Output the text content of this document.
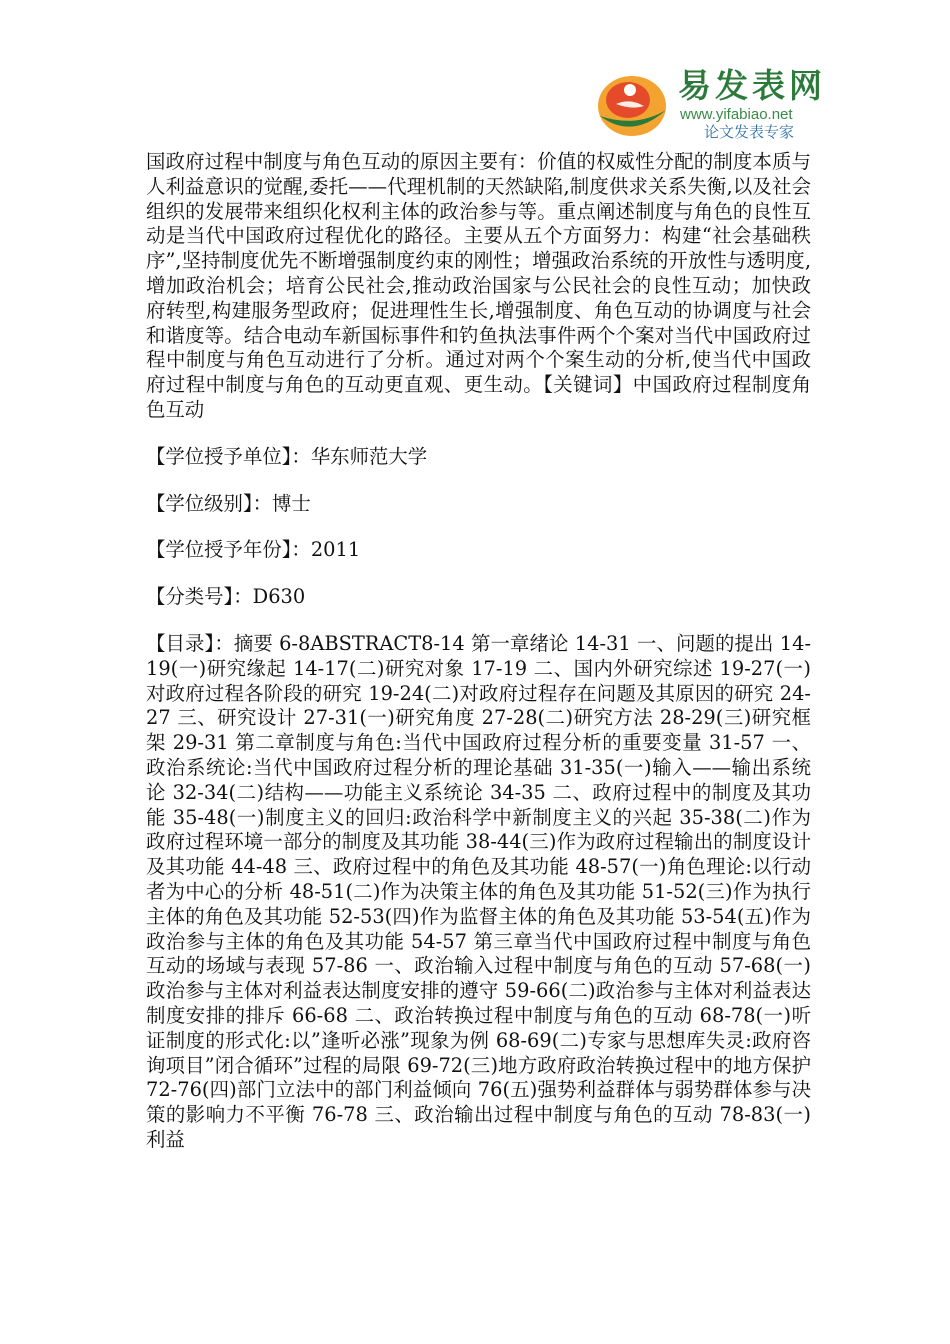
易发表网
www.yifabiao.net
论文发表专家

国政府过程中制度与角色互动的原因主要有：价值的权威性分配的制度本质与人利益意识的觉醒,委托——代理机制的天然缺陷,制度供求关系失衡,以及社会组织的发展带来组织化权利主体的政治参与等。重点阐述制度与角色的良性互动是当代中国政府过程优化的路径。主要从五个方面努力：构建“社会基础秩序”,坚持制度优先不断增强制度约束的刚性；增强政治系统的开放性与透明度,增加政治机会；培育公民社会,推动政治国家与公民社会的良性互动；加快政府转型,构建服务型政府；促进理性生长,增强制度、角色互动的协调度与社会和谐度等。结合电动车新国标事件和钓鱼执法事件两个个案对当代中国政府过程中制度与角色互动进行了分析。通过对两个个案生动的分析,使当代中国政府过程中制度与角色的互动更直观、更生动。【关键词】中国政府过程制度角色互动

【学位授予单位】：华东师范大学

【学位级别】：博士

【学位授予年份】：2011

【分类号】：D630

【目录】：摘要 6-8ABSTRACT8-14 第一章绪论 14-31 一、问题的提出 14-19(一)研究缘起 14-17(二)研究对象 17-19 二、国内外研究综述 19-27(一)对政府过程各阶段的研究 19-24(二)对政府过程存在问题及其原因的研究 24-27 三、研究设计 27-31(一)研究角度 27-28(二)研究方法 28-29(三)研究框架 29-31 第二章制度与角色:当代中国政府过程分析的重要变量 31-57 一、政治系统论:当代中国政府过程分析的理论基础 31-35(一)输入——输出系统论 32-34(二)结构——功能主义系统论 34-35 二、政府过程中的制度及其功能 35-48(一)制度主义的回归:政治科学中新制度主义的兴起 35-38(二)作为政府过程环境一部分的制度及其功能 38-44(三)作为政府过程输出的制度设计及其功能 44-48 三、政府过程中的角色及其功能 48-57(一)角色理论:以行动者为中心的分析 48-51(二)作为决策主体的角色及其功能 51-52(三)作为执行主体的角色及其功能 52-53(四)作为监督主体的角色及其功能 53-54(五)作为政治参与主体的角色及其功能 54-57 第三章当代中国政府过程中制度与角色互动的场域与表现 57-86 一、政治输入过程中制度与角色的互动 57-68(一)政治参与主体对利益表达制度安排的遵守 59-66(二)政治参与主体对利益表达制度安排的排斥 66-68 二、政治转换过程中制度与角色的互动 68-78(一)听证制度的形式化:以”逢听必涨”现象为例 68-69(二)专家与思想库失灵:政府咨询项目”闭合循环”过程的局限 69-72(三)地方政府政治转换过程中的地方保护 72-76(四)部门立法中的部门利益倾向 76(五)强势利益群体与弱势群体参与决策的影响力不平衡 76-78 三、政治输出过程中制度与角色的互动 78-83(一)利益
